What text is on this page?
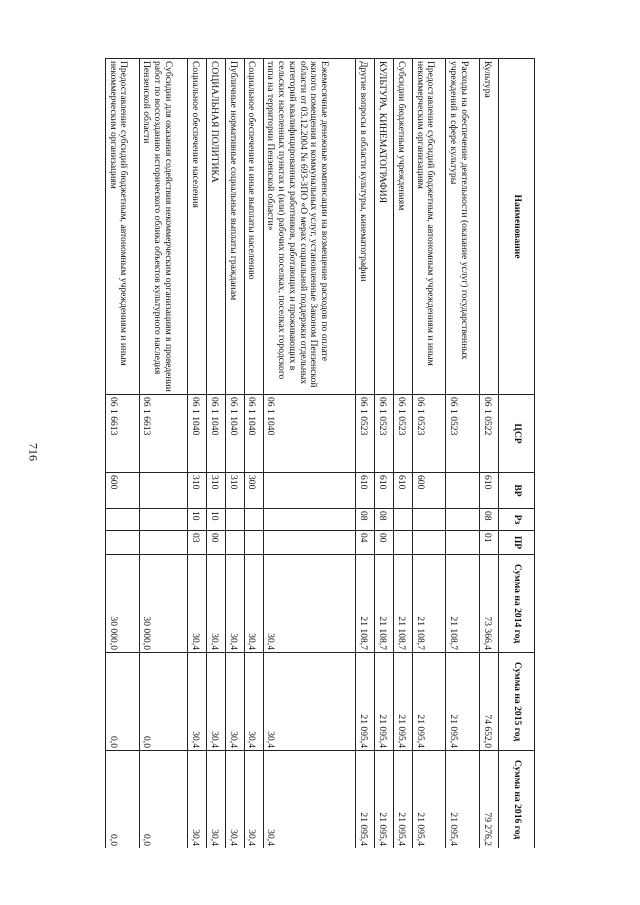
716
Наименование	ЦСР	ВР	Рз	ПР	Сумма на 2014 год	Сумма на 2015 год	Сумма на 2016 год
Культура	06 1 0522	610	08	01	73 366,4	74 652,0	79 276,2
Расходы на обеспечение деятельности (оказание услуг) государственных учреждений в сфере культуры	06 1 0523				21 108,7	21 095,4	21 095,4
Предоставление субсидий бюджетным, автономным учреждениям и иным некоммерческим организациям	06 1 0523	600			21 108,7	21 095,4	21 095,4
Субсидии бюджетным учреждениям	06 1 0523	610			21 108,7	21 095,4	21 095,4
КУЛЬТУРА, КИНЕМАТОГРАФИЯ	06 1 0523	610	08	00	21 108,7	21 095,4	21 095,4
Другие вопросы в области культуры, кинематографии	06 1 0523	610	08	04	21 108,7	21 095,4	21 095,4
Ежемесячные денежные компенсации на возмещение расходов по оплате жилого помещения и коммунальных услуг, установленные Законом Пензенской области от 03.12.2004 № 693-ЗПО «О мерах социальной поддержки отдельных категорий квалифицированных работников, работающих и проживающих в сельских населенных пунктах и (или) рабочих поселках, поселках городского типа на территории Пензенской области»	06 1 1040				30,4	30,4	30,4
Социальное обеспечение и иные выплаты населению	06 1 1040	300			30,4	30,4	30,4
Публичные нормативные социальные выплаты гражданам	06 1 1040	310			30,4	30,4	30,4
СОЦИАЛЬНАЯ ПОЛИТИКА	06 1 1040	310	10	00	30,4	30,4	30,4
Социальное обеспечение населения	06 1 1040	310	10	03	30,4	30,4	30,4
Субсидии для оказания содействия некоммерческим организациям в проведении работ по воссозданию исторического облика объектов культурного наследия Пензенской области	06 1 6613				30 000,0	0,0	0,0
Предоставление субсидий бюджетным, автономным учреждениям и иным некоммерческим организациям	06 1 6613	600			30 000,0	0,0	0,0
